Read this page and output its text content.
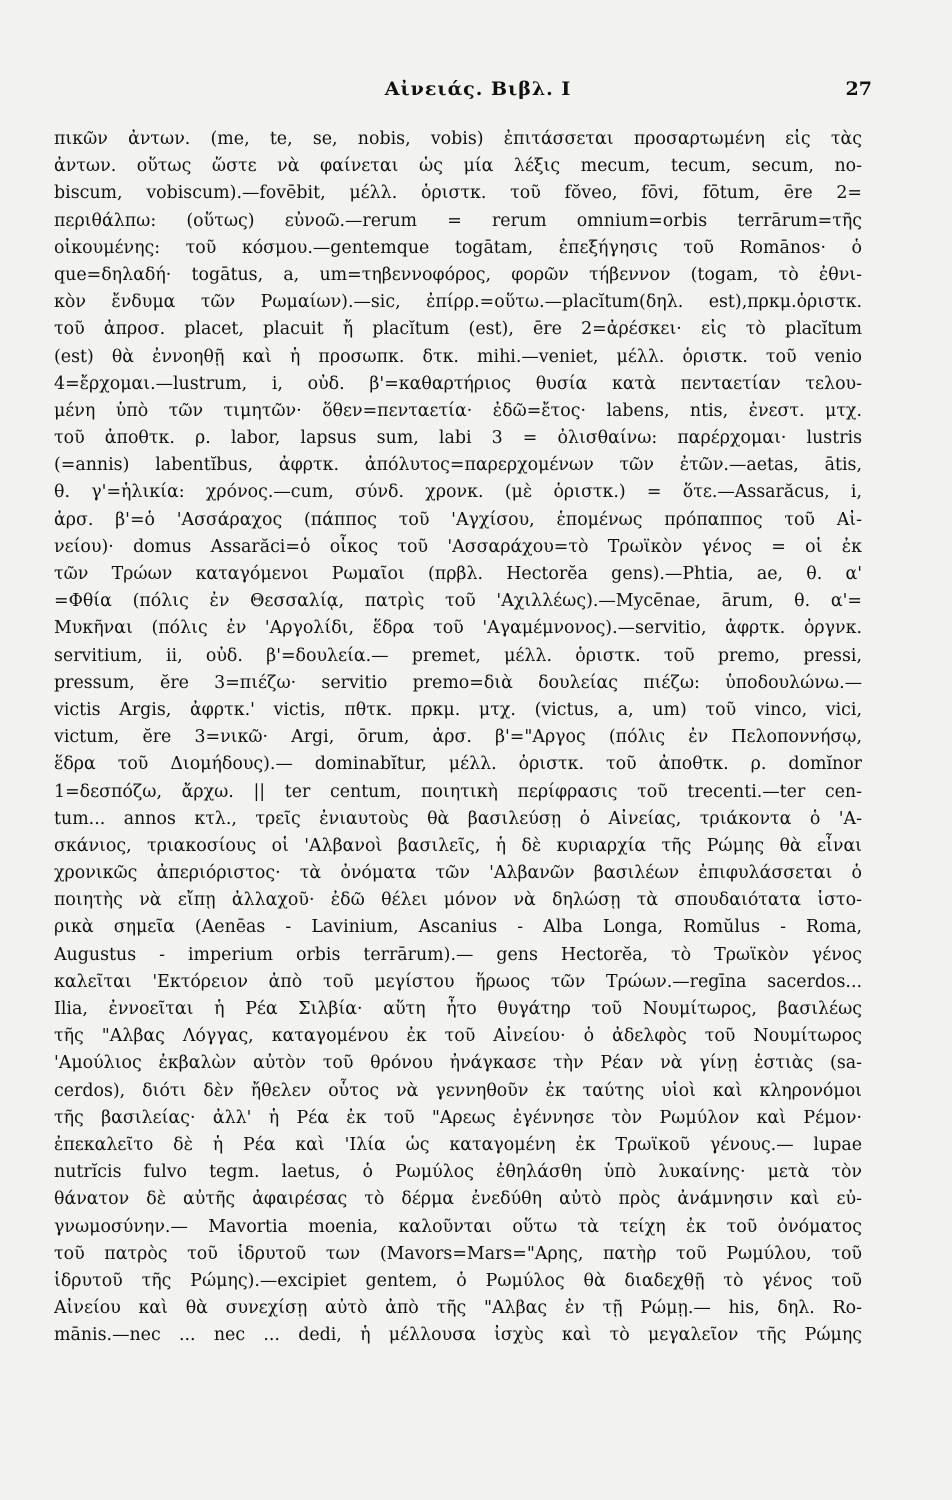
Αἰνειάς. Βιβλ. Ι	27
πικῶν ἀντων. (me, te, se, nobis, vobis) ἐπιτάσσεται προσαρτωμένη εἰς τὰς
ἀντων. οὕτως ὥστε νὰ φαίνεται ὡς μία λέξις mecum, tecum, secum, no-
biscum, vobiscum).—fovēbit, μέλλ. ὁριστκ. τοῦ fŏveo, fōvi, fōtum, ēre 2=
περιθάλπω: (οὕτως) εὐνοῶ.—rerum = rerum omnium=orbis terrārum=τῆς
οἰκουμένης: τοῦ κόσμου.—gentemque togātam, ἐπεξήγησις τοῦ Romānos· ὁ
que=δηλαδή· togātus, a, um=τηβεννοφόρος, φορῶν τήβεννον (togam, τὸ ἐθνι-
κὸν ἔνδυμα τῶν Ρωμαίων).—sic, ἐπίρρ.=οὕτω.—placĭtum(δηλ. est),πρκμ.ὁριστκ.
τοῦ ἀπροσ. placet, placuit ἤ placĭtum (est), ēre 2=ἀρέσκει· εἰς τὸ placĭtum
(est) θὰ ἐννοηθῇ καὶ ἡ προσωπκ. δτκ. mihi.—veniet, μέλλ. ὁριστκ. τοῦ venio
4=ἔρχομαι.—lustrum, i, οὐδ. β'=καθαρτήριος θυσία κατὰ πενταετίαν τελου-
μένη ὑπὸ τῶν τιμητῶν· ὅθεν=πενταετία· ἐδῶ=ἔτος· labens, ntis, ἐνεστ. μτχ.
τοῦ ἀποθτκ. ρ. labor, lapsus sum, labi 3 = ὀλισθαίνω: παρέρχομαι· lustris
(=annis) labentĭbus, ἀφρτκ. ἀπόλυτος=παρερχομένων τῶν ἐτῶν.—aetas, ātis,
θ. γ'=ἡλικία: χρόνος.—cum, σύνδ. χρονκ. (μὲ ὁριστκ.) = ὅτε.—Assarăcus, i,
ἀρσ. β'=ὁ 'Ασσάραχος (πάππος τοῦ 'Αγχίσου, ἑπομένως πρόπαππος τοῦ Αἰ-
νείου)· domus Assarăci=ὁ οἶκος τοῦ 'Ασσαράχου=τὸ Τρωϊκὸν γένος = οἱ ἐκ
τῶν Τρώων καταγόμενοι Ρωμαῖοι (πρβλ. Hectorĕa gens).—Phtia, ae, θ. α'
=Φθία (πόλις ἐν Θεσσαλίᾳ, πατρὶς τοῦ 'Αχιλλέως).—Mycēnae, ārum, θ. α'=
Μυκῆναι (πόλις ἐν 'Αργολίδι, ἕδρα τοῦ 'Αγαμέμνονος).—servitio, ἀφρτκ. ὀργνκ.
servitium, ii, οὐδ. β'=δουλεία.— premet, μέλλ. ὁριστκ. τοῦ premo, pressi,
pressum, ĕre 3=πιέζω· servitio premo=διὰ δουλείας πιέζω: ὑποδουλώνω.—
victis Argis, ἀφρτκ.' victis, πθτκ. πρκμ. μτχ. (victus, a, um) τοῦ vinco, vici,
victum, ĕre 3=νικῶ· Argi, ōrum, ἀρσ. β'="Αργος (πόλις ἐν Πελοποννήσῳ,
ἕδρα τοῦ Διομήδους).— dominabĭtur, μέλλ. ὁριστκ. τοῦ ἀποθτκ. ρ. domĭnor
1=δεσπόζω, ἄρχω. || ter centum, ποιητικὴ περίφρασις τοῦ trecenti.—ter cen-
tum... annos κτλ., τρεῖς ἐνιαυτοὺς θὰ βασιλεύσῃ ὁ Αἰνείας, τριάκοντα ὁ 'Α-
σκάνιος, τριακοσίους οἱ 'Αλβανοὶ βασιλεῖς, ἡ δὲ κυριαρχία τῆς Ρώμης θὰ εἶναι
χρονικῶς ἀπεριόριστος· τὰ ὀνόματα τῶν 'Αλβανῶν βασιλέων ἐπιφυλάσσεται ὁ
ποιητὴς νὰ εἴπῃ ἀλλαχοῦ· ἐδῶ θέλει μόνον νὰ δηλώσῃ τὰ σπουδαιότατα ἱστο-
ρικὰ σημεῖα (Aenēas - Lavinium, Ascanius - Alba Longa, Romŭlus - Roma,
Augustus - imperium orbis terrārum).— gens Hectorĕa, τὸ Τρωϊκὸν γένος
καλεῖται 'Εκτόρειον ἀπὸ τοῦ μεγίστου ἥρωος τῶν Τρώων.—regīna sacerdos...
Ilia, ἐννοεῖται ἡ Ρέα Σιλβία· αὕτη ἦτο θυγάτηρ τοῦ Νουμίτωρος, βασιλέως
τῆς "Αλβας Λόγγας, καταγομένου ἐκ τοῦ Αἰνείου· ὁ ἀδελφὸς τοῦ Νουμίτωρος
'Αμούλιος ἐκβαλὼν αὐτὸν τοῦ θρόνου ἠνάγκασε τὴν Ρέαν νὰ γίνῃ ἑστιὰς (sa-
cerdos), διότι δὲν ἤθελεν οὗτος νὰ γεννηθοῦν ἐκ ταύτης υἱοὶ καὶ κληρονόμοι
τῆς βασιλείας· ἀλλ' ἡ Ρέα ἐκ τοῦ "Αρεως ἐγέννησε τὸν Ρωμύλον καὶ Ρέμον·
ἐπεκαλεῖτο δὲ ἡ Ρέα καὶ 'Ιλία ὡς καταγομένη ἐκ Τρωϊκοῦ γένους.— lupae
nutrĭcis fulvo tegm. laetus, ὁ Ρωμύλος ἐθηλάσθη ὑπὸ λυκαίνης· μετὰ τὸν
θάνατον δὲ αὐτῆς ἀφαιρέσας τὸ δέρμα ἐνεδύθη αὐτὸ πρὸς ἀνάμνησιν καὶ εὐ-
γνωμοσύνην.— Mavortia moenia, καλοῦνται οὕτω τὰ τείχη ἐκ τοῦ ὀνόματος
τοῦ πατρὸς τοῦ ἱδρυτοῦ των (Mavors=Mars="Αρης, πατὴρ τοῦ Ρωμύλου, τοῦ
ἱδρυτοῦ τῆς Ρώμης).—excipiet gentem, ὁ Ρωμύλος θὰ διαδεχθῇ τὸ γένος τοῦ
Αἰνείου καὶ θὰ συνεχίσῃ αὐτὸ ἀπὸ τῆς "Αλβας ἐν τῇ Ρώμῃ.— his, δηλ. Ro-
mānis.—nec ... nec ... dedi, ἡ μέλλουσα ἰσχὺς καὶ τὸ μεγαλεῖον τῆς Ρώμης
